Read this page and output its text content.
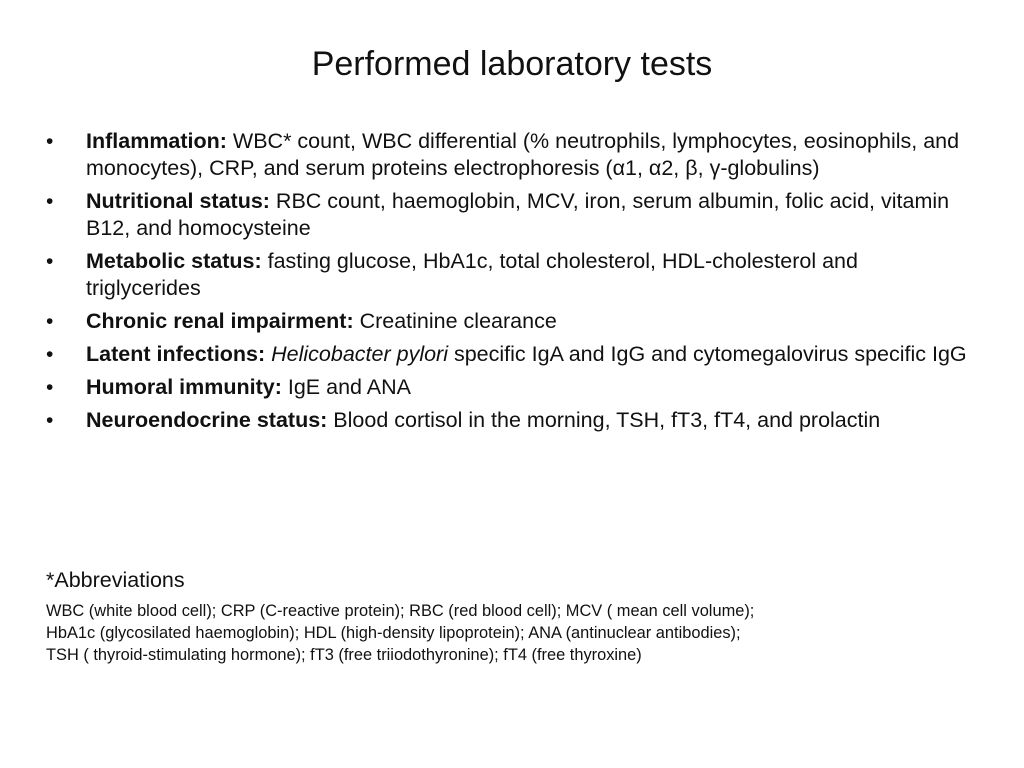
Performed laboratory tests
•	Inflammation: WBC* count, WBC differential (% neutrophils, lymphocytes, eosinophils, and monocytes), CRP, and serum proteins electrophoresis (α1, α2, β, γ-globulins)
•	Nutritional status: RBC count, haemoglobin, MCV, iron, serum albumin, folic acid, vitamin B12, and homocysteine
•	Metabolic status: fasting glucose, HbA1c, total cholesterol, HDL-cholesterol and triglycerides
•	Chronic renal impairment: Creatinine clearance
•	Latent infections: Helicobacter pylori specific IgA and IgG and cytomegalovirus specific IgG
•	Humoral immunity: IgE and ANA
•	Neuroendocrine status: Blood cortisol in the morning, TSH, fT3, fT4, and prolactin
*Abbreviations

WBC (white blood cell); CRP (C-reactive protein); RBC (red blood cell); MCV ( mean cell volume);
HbA1c (glycosilated haemoglobin); HDL (high-density lipoprotein); ANA (antinuclear antibodies);
TSH ( thyroid-stimulating hormone); fT3 (free triiodothyronine); fT4 (free thyroxine)
